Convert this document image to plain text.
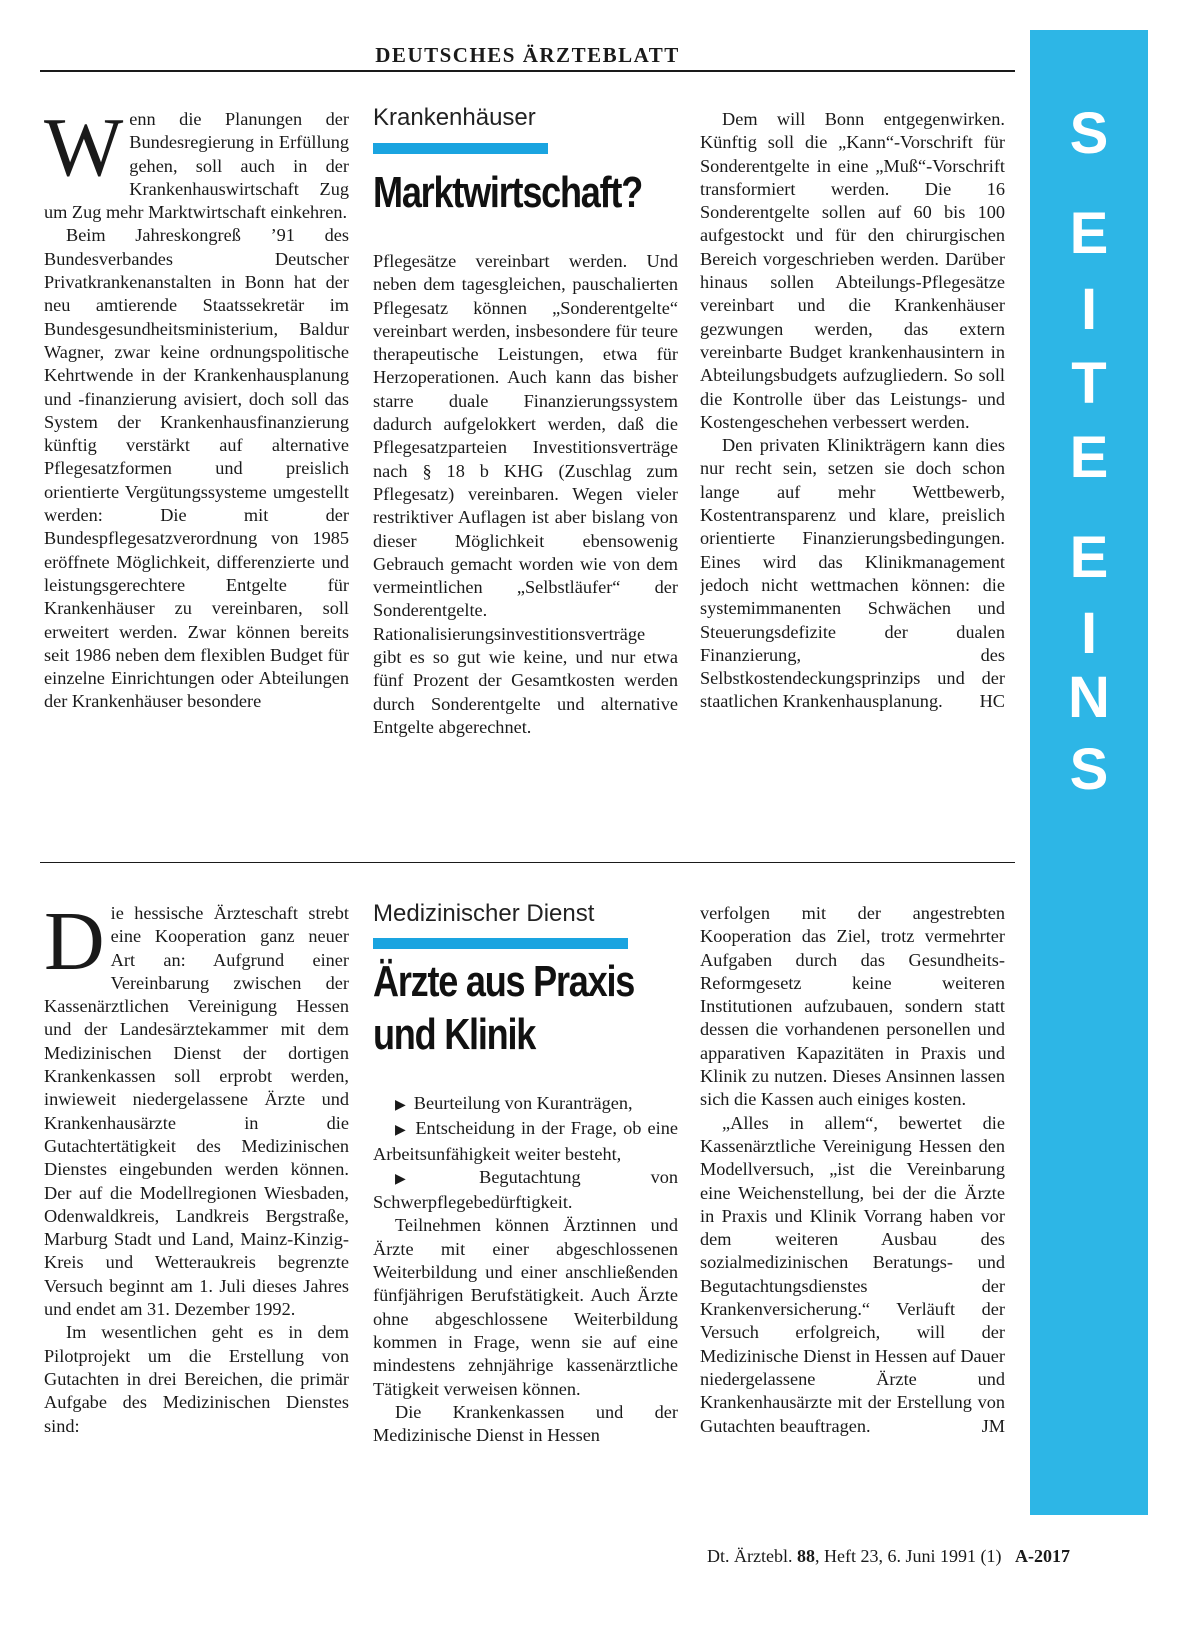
DEUTSCHES ÄRZTEBLATT
S
E
I
T
E
E
I
N
S
W enn die Planungen der Bundesregierung in Erfüllung gehen, soll auch in der Krankenhauswirtschaft Zug um Zug mehr Marktwirtschaft einkehren.

Beim Jahreskongreß ’91 des Bundesverbandes Deutscher Privatkrankenanstalten in Bonn hat der neu amtierende Staatssekretär im Bundesgesundheitsministerium, Baldur Wagner, zwar keine ordnungspolitische Kehrtwende in der Krankenhausplanung und -finanzierung avisiert, doch soll das System der Krankenhausfinanzierung künftig verstärkt auf alternative Pflegesatzformen und preislich orientierte Vergütungssysteme umgestellt werden: Die mit der Bundespflegesatzverordnung von 1985 eröffnete Möglichkeit, differenzierte und leistungsgerechtere Entgelte für Krankenhäuser zu vereinbaren, soll erweitert werden. Zwar können bereits seit 1986 neben dem flexiblen Budget für einzelne Einrichtungen oder Abteilungen der Krankenhäuser besondere

Krankenhäuser
Marktwirtschaft?

Pflegesätze vereinbart werden. Und neben dem tagesgleichen, pauschalierten Pflegesatz können „Sonderentgelte“ vereinbart werden, insbesondere für teure therapeutische Leistungen, etwa für Herzoperationen. Auch kann das bisher starre duale Finanzierungssystem dadurch aufgelokkert werden, daß die Pflegesatzparteien Investitionsverträge nach § 18 b KHG (Zuschlag zum Pflegesatz) vereinbaren. Wegen vieler restriktiver Auflagen ist aber bislang von dieser Möglichkeit ebensowenig Gebrauch gemacht worden wie von dem vermeintlichen „Selbstläufer“ der Sonderentgelte. Rationalisierungsinvestitionsverträge gibt es so gut wie keine, und nur etwa fünf Prozent der Gesamtkosten werden durch Sonderentgelte und alternative Entgelte abgerechnet.

Dem will Bonn entgegenwirken. Künftig soll die „Kann“-Vorschrift für Sonderentgelte in eine „Muß“-Vorschrift transformiert werden. Die 16 Sonderentgelte sollen auf 60 bis 100 aufgestockt und für den chirurgischen Bereich vorgeschrieben werden. Darüber hinaus sollen Abteilungs-Pflegesätze vereinbart und die Krankenhäuser gezwungen werden, das extern vereinbarte Budget krankenhausintern in Abteilungsbudgets aufzugliedern. So soll die Kontrolle über das Leistungs- und Kostengeschehen verbessert werden.

Den privaten Klinikträgern kann dies nur recht sein, setzen sie doch schon lange auf mehr Wettbewerb, Kostentransparenz und klare, preislich orientierte Finanzierungsbedingungen. Eines wird das Klinikmanagement jedoch nicht wettmachen können: die systemimmanenten Schwächen und Steuerungsdefizite der dualen Finanzierung, des Selbstkostendeckungsprinzips und der staatlichen Krankenhausplanung.	HC

D ie hessische Ärzteschaft strebt eine Kooperation ganz neuer Art an: Aufgrund einer Vereinbarung zwischen der Kassenärztlichen Vereinigung Hessen und der Landesärztekammer mit dem Medizinischen Dienst der dortigen Krankenkassen soll erprobt werden, inwieweit niedergelassene Ärzte und Krankenhausärzte in die Gutachtertätigkeit des Medizinischen Dienstes eingebunden werden können. Der auf die Modellregionen Wiesbaden, Odenwaldkreis, Landkreis Bergstraße, Marburg Stadt und Land, Mainz-Kinzig-Kreis und Wetteraukreis begrenzte Versuch beginnt am 1. Juli dieses Jahres und endet am 31. Dezember 1992.

Im wesentlichen geht es in dem Pilotprojekt um die Erstellung von Gutachten in drei Bereichen, die primär Aufgabe des Medizinischen Dienstes sind:

Medizinischer Dienst
Ärzte aus Praxis
und Klinik

▶ Beurteilung von Kuranträgen,

▶ Entscheidung in der Frage, ob eine Arbeitsunfähigkeit weiter besteht,

▶ Begutachtung von Schwerpflegebedürftigkeit.

Teilnehmen können Ärztinnen und Ärzte mit einer abgeschlossenen Weiterbildung und einer anschließenden fünfjährigen Berufstätigkeit. Auch Ärzte ohne abgeschlossene Weiterbildung kommen in Frage, wenn sie auf eine mindestens zehnjährige kassenärztliche Tätigkeit verweisen können.

Die Krankenkassen und der Medizinische Dienst in Hessen

verfolgen mit der angestrebten Kooperation das Ziel, trotz vermehrter Aufgaben durch das Gesundheits-Reformgesetz keine weiteren Institutionen aufzubauen, sondern statt dessen die vorhandenen personellen und apparativen Kapazitäten in Praxis und Klinik zu nutzen. Dieses Ansinnen lassen sich die Kassen auch einiges kosten.

„Alles in allem“, bewertet die Kassenärztliche Vereinigung Hessen den Modellversuch, „ist die Vereinbarung eine Weichenstellung, bei der die Ärzte in Praxis und Klinik Vorrang haben vor dem weiteren Ausbau des sozialmedizinischen Beratungs- und Begutachtungsdienstes der Krankenversicherung.“ Verläuft der Versuch erfolgreich, will der Medizinische Dienst in Hessen auf Dauer niedergelassene Ärzte und Krankenhausärzte mit der Erstellung von Gutachten beauftragen.	JM

Dt. Ärztebl. 88, Heft 23, 6. Juni 1991 (1) A-2017
